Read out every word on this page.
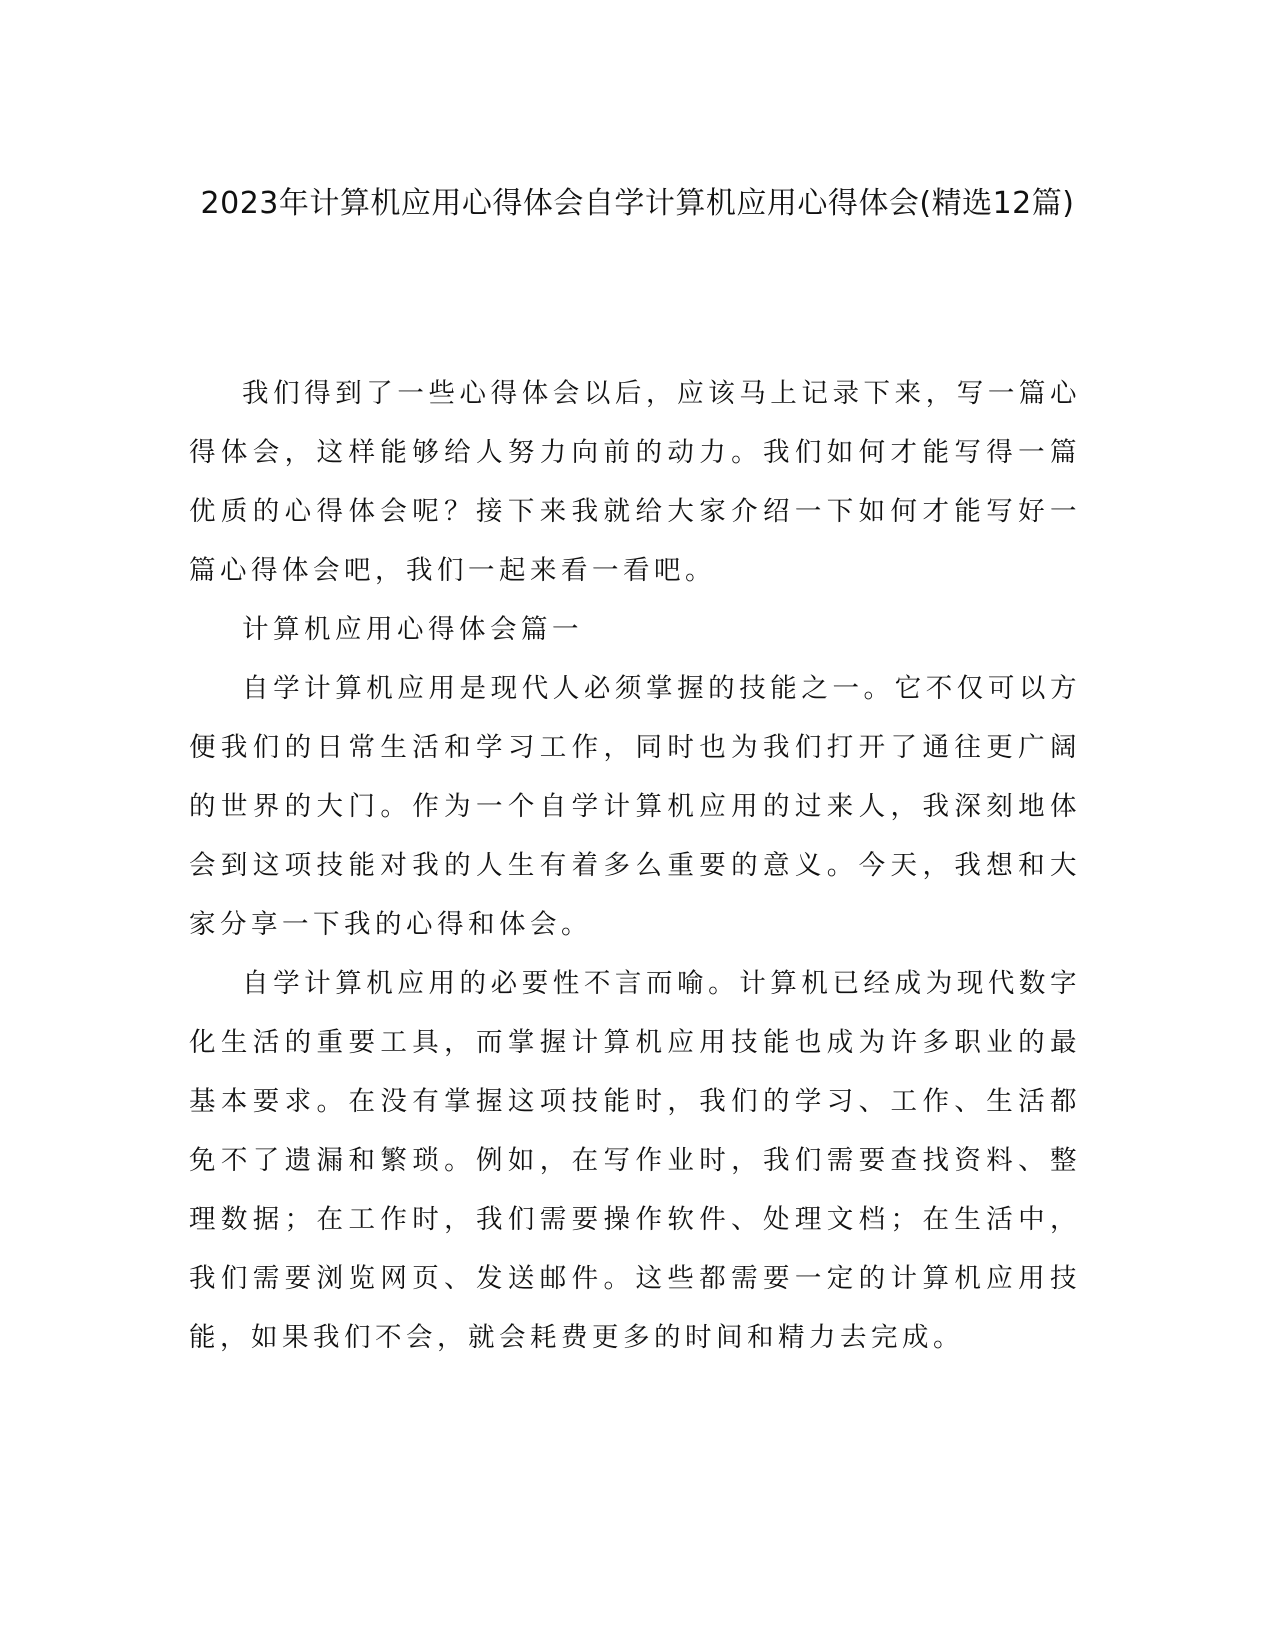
2023年计算机应用心得体会自学计算机应用心得体会(精选12篇)

我们得到了一些心得体会以后，应该马上记录下来，写一篇心得体会，这样能够给人努力向前的动力。我们如何才能写得一篇优质的心得体会呢？接下来我就给大家介绍一下如何才能写好一篇心得体会吧，我们一起来看一看吧。

计算机应用心得体会篇一

自学计算机应用是现代人必须掌握的技能之一。它不仅可以方便我们的日常生活和学习工作，同时也为我们打开了通往更广阔的世界的大门。作为一个自学计算机应用的过来人，我深刻地体会到这项技能对我的人生有着多么重要的意义。今天，我想和大家分享一下我的心得和体会。

自学计算机应用的必要性不言而喻。计算机已经成为现代数字化生活的重要工具，而掌握计算机应用技能也成为许多职业的最基本要求。在没有掌握这项技能时，我们的学习、工作、生活都免不了遗漏和繁琐。例如，在写作业时，我们需要查找资料、整理数据；在工作时，我们需要操作软件、处理文档；在生活中，我们需要浏览网页、发送邮件。这些都需要一定的计算机应用技能，如果我们不会，就会耗费更多的时间和精力去完成。
